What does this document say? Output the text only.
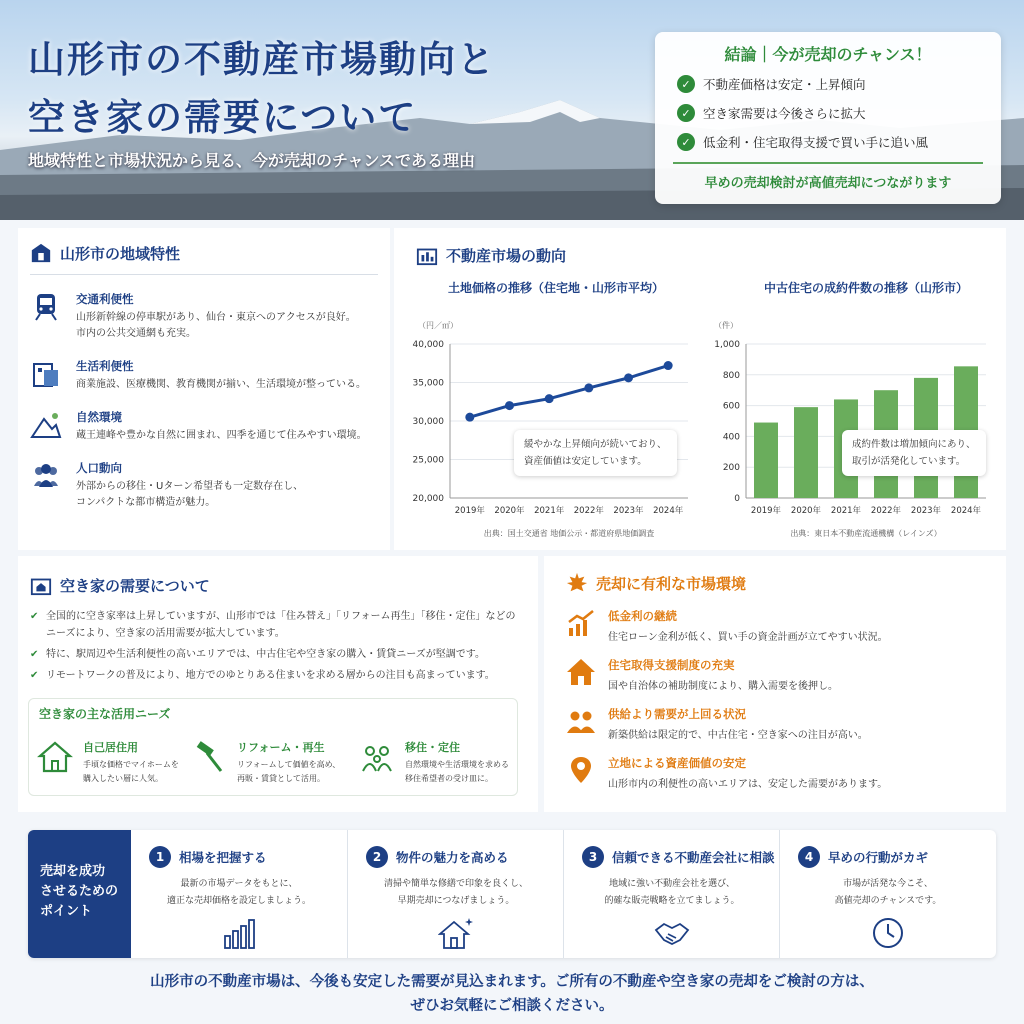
山形市の不動産市場動向と
空き家の需要について
地域特性と市場状況から見る、今が売却のチャンスである理由
結論｜今が売却のチャンス！
✓ 不動産価格は安定・上昇傾向
✓ 空き家需要は今後さらに拡大
✓ 低金利・住宅取得支援で買い手に追い風
早めの売却検討が高値売却につながります
山形市の地域特性
交通利便性

山形新幹線の停車駅があり、仙台・東京へのアクセスが良好。

市内の公共交通網も充実。

生活利便性

商業施設、医療機関、教育機関が揃い、生活環境が整っている。

自然環境

蔵王連峰や豊かな自然に囲まれ、四季を通じて住みやすい環境。

人口動向

外部からの移住・Uターン希望者も一定数存在し、

コンパクトな都市構造が魅力。

不動産市場の動向
土地価格の推移（住宅地・山形市平均）
（円／㎡）
20,000
25,000
30,000
35,000
40,000
2019年 2020年 2021年 2022年 2023年 2024年
出典：国土交通省 地価公示・都道府県地価調査
中古住宅の成約件数の推移（山形市）
（件）
0
200
400
600
800
1,000
2019年 2020年 2021年 2022年 2023年 2024年
出典：東日本不動産流通機構（レインズ）
緩やかな上昇傾向が続いており、
資産価値は安定しています。
成約件数は増加傾向にあり、
取引が活発化しています。
空き家の需要について
✔ 全国的に空き家率は上昇していますが、山形市では「住み替え」「リフォーム再生」「移住・定住」などの
ニーズにより、空き家の活用需要が拡大しています。
✔ 特に、駅周辺や生活利便性の高いエリアでは、中古住宅や空き家の購入・賃貸ニーズが堅調です。
✔ リモートワークの普及により、地方でのゆとりある住まいを求める層からの注目も高まっています。
空き家の主な活用ニーズ
自己居住用

手頃な価格でマイホームを

購入したい層に人気。

リフォーム・再生

リフォームして価値を高め、

再販・賃貸として活用。

移住・定住

自然環境や生活環境を求める

移住希望者の受け皿に。

売却に有利な市場環境
低金利の継続

住宅ローン金利が低く、買い手の資金計画が立てやすい状況。

住宅取得支援制度の充実

国や自治体の補助制度により、購入需要を後押し。

供給より需要が上回る状況

新築供給は限定的で、中古住宅・空き家への注目が高い。

立地による資産価値の安定

山形市内の利便性の高いエリアは、安定した需要があります。

売却を成功
させるための
ポイント
1	相場を把握する

最新の市場データをもとに、
適正な売却価格を設定しましょう。

2	物件の魅力を高める

清掃や簡単な修繕で印象を良くし、
早期売却につなげましょう。

3	信頼できる不動産会社に相談

地域に強い不動産会社を選び、
的確な販売戦略を立てましょう。

4	早めの行動がカギ

市場が活発な今こそ、
高値売却のチャンスです。

山形市の不動産市場は、今後も安定した需要が見込まれます。ご所有の不動産や空き家の売却をご検討の方は、
ぜひお気軽にご相談ください。
